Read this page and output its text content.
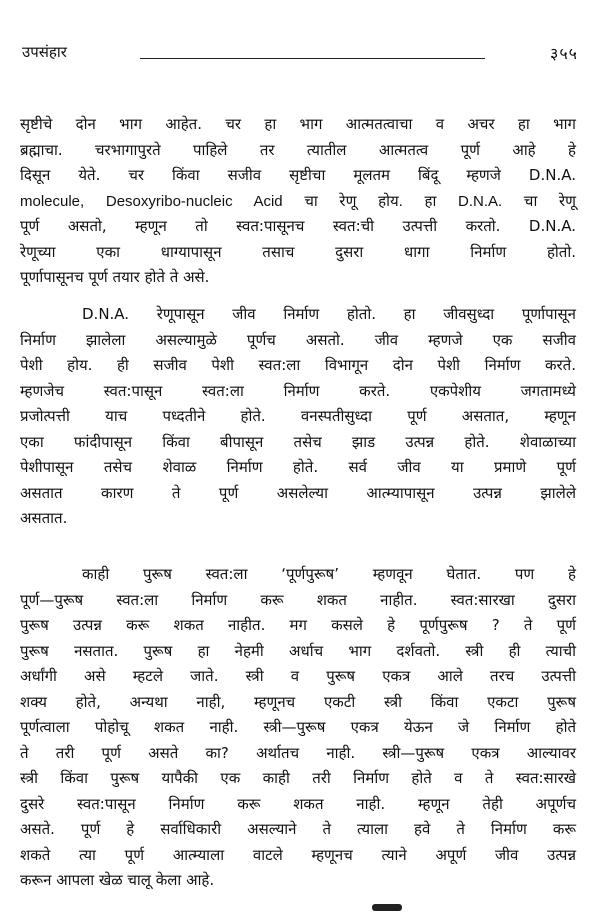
उपसंहार	३५५
सृष्टीचे दोन भाग आहेत. चर हा भाग आत्मतत्वाचा व अचर हा भाग
ब्रह्माचा. चरभागापुरते पाहिले तर त्यातील आत्मतत्व पूर्ण आहे हे
दिसून येते. चर किंवा सजीव सृष्टीचा मूलतम बिंदू म्हणजे D.N.A.
molecule, Desoxyribo-nucleic Acid चा रेणू होय. हा D.N.A. चा रेणू
पूर्ण असतो, म्हणून तो स्वत:पासूनच स्वत:ची उत्पत्ती करतो. D.N.A.
रेणूच्या एका धाग्यापासून तसाच दुसरा धागा निर्माण होतो.
पूर्णापासूनच पूर्ण तयार होते ते असे.
D.N.A. रेणूपासून जीव निर्माण होतो. हा जीवसुध्दा पूर्णापासून
निर्माण झालेला असल्यामुळे पूर्णच असतो. जीव म्हणजे एक सजीव
पेशी होय. ही सजीव पेशी स्वत:ला विभागून दोन पेशी निर्माण करते.
म्हणजेच स्वत:पासून स्वत:ला निर्माण करते. एकपेशीय जगतामध्ये
प्रजोत्पत्ती याच पध्दतीने होते. वनस्पतीसुध्दा पूर्ण असतात, म्हणून
एका फांदीपासून किंवा बीपासून तसेच झाड उत्पन्न होते. शेवाळाच्या
पेशीपासून तसेच शेवाळ निर्माण होते. सर्व जीव या प्रमाणे पूर्ण
असतात कारण ते पूर्ण असलेल्या आत्म्यापासून उत्पन्न झालेले
असतात.
काही पुरूष स्वत:ला ‘पूर्णपुरूष’ म्हणवून घेतात. पण हे
पूर्ण—पुरूष स्वत:ला निर्माण करू शकत नाहीत. स्वत:सारखा दुसरा
पुरूष उत्पन्न करू शकत नाहीत. मग कसले हे पूर्णपुरूष ? ते पूर्ण
पुरूष नसतात. पुरूष हा नेहमी अर्धाच भाग दर्शवतो. स्त्री ही त्याची
अर्धांगी असे म्हटले जाते. स्त्री व पुरूष एकत्र आले तरच उत्पत्ती
शक्य होते, अन्यथा नाही, म्हणूनच एकटी स्त्री किंवा एकटा पुरूष
पूर्णत्वाला पोहोचू शकत नाही. स्त्री—पुरूष एकत्र येऊन जे निर्माण होते
ते तरी पूर्ण असते का? अर्थातच नाही. स्त्री—पुरूष एकत्र आल्यावर
स्त्री किंवा पुरूष यापैकी एक काही तरी निर्माण होते व ते स्वत:सारखे
दुसरे स्वत:पासून निर्माण करू शकत नाही. म्हणून तेही अपूर्णच
असते. पूर्ण हे सर्वाधिकारी असल्याने ते त्याला हवे ते निर्माण करू
शकते त्या पूर्ण आत्म्याला वाटले म्हणूनच त्याने अपूर्ण जीव उत्पन्न
करून आपला खेळ चालू केला आहे.
